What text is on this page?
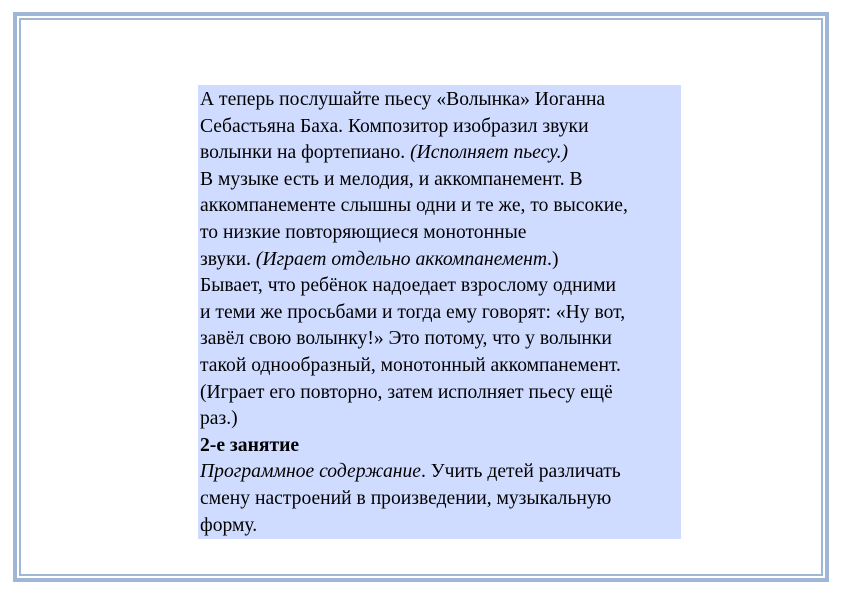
А теперь послушайте пьесу «Волынка» Иоганна
Себастьяна Баха. Композитор изобразил звуки
волынки на фортепиано. (Исполняет пьесу.)
В музыке есть и мелодия, и аккомпанемент. В
аккомпанементе слышны одни и те же, то высокие,
то низкие повторяющиеся монотонные
звуки. (Играет отдельно аккомпанемент.)
Бывает, что ребёнок надоедает взрослому одними
и теми же просьбами и тогда ему говорят: «Ну вот,
завёл свою волынку!» Это потому, что у волынки
такой однообразный, монотонный аккомпанемент.
(Играет его повторно, затем исполняет пьесу ещё
раз.)
2-е занятие
Программное содержание. Учить детей различать
смену настроений в произведении, музыкальную
форму.
